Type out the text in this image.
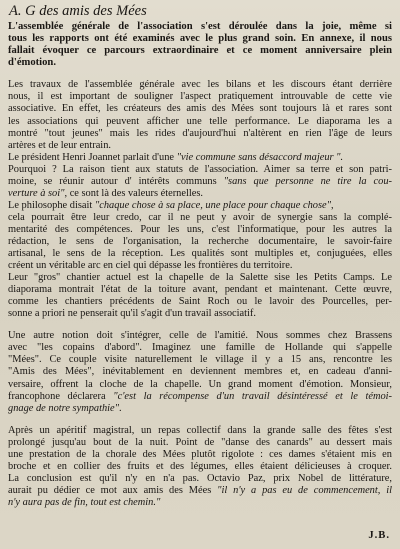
A. G des amis des Mées
L'assemblée générale de l'association s'est déroulée dans la joie, même si
tous les rapports ont été examinés avec le plus grand soin. En annexe, il nous
fallait évoquer ce parcours extraordinaire et ce moment anniversaire plein
d'émotion.
Les travaux de l'assemblée générale avec les bilans et les discours étant derrière
nous, il est important de souligner l'aspect pratiquement introuvable de cette vie
associative. En effet, les créateurs des amis des Mées sont toujours là et rares sont
les associations qui peuvent afficher une telle performance. Le diaporama les a
montré "tout jeunes" mais les rides d'aujourd'hui n'altèrent en rien l'âge de leurs
artères et de leur entrain.
Le président Henri Joannet parlait d'une "vie commune sans désaccord majeur ".
Pourquoi ? La raison tient aux statuts de l'association. Aimer sa terre et son patri-
moine, se réunir autour d' intérêts communs "sans que personne ne tire la cou-
verture à soi", ce sont là des valeurs éternelles.
Le philosophe disait "chaque chose à sa place, une place pour chaque chose",
cela pourrait être leur credo, car il ne peut y avoir de synergie sans la complé-
mentarité des compétences. Pour les uns, c'est l'informatique, pour les autres la
rédaction, le sens de l'organisation, la recherche documentaire, le savoir-faire
artisanal, le sens de la réception. Les qualités sont multiples et, conjuguées, elles
créent un véritable arc en ciel qui dépasse les frontières du territoire.
Leur "gros" chantier actuel est la chapelle de la Salette sise les Petits Camps. Le
diaporama montrait l'état de la toiture avant, pendant et maintenant. Cette œuvre,
comme les chantiers précédents de Saint Roch ou le lavoir des Pourcelles, per-
sonne a priori ne penserait qu'il s'agit d'un travail associatif.
Une autre notion doit s'intégrer, celle de l'amitié. Nous sommes chez Brassens
avec "les copains d'abord". Imaginez une famille de Hollande qui s'appelle
"Mées". Ce couple visite naturellement le village il y a 15 ans, rencontre les
"Amis des Mées", inévitablement en deviennent membres et, en cadeau d'anni-
versaire, offrent la cloche de la chapelle. Un grand moment d'émotion. Monsieur,
francophone déclarera "c'est la récompense d'un travail désintéressé et le témoi-
gnage de notre sympathie".
Après un apéritif magistral, un repas collectif dans la grande salle des fêtes s'est
prolongé jusqu'au bout de la nuit. Point de "danse des canards" au dessert mais
une prestation de la chorale des Mées plutôt rigolote : ces dames s'étaient mis en
broche et en collier des fruits et des légumes, elles étaient délicieuses à croquer.
La conclusion est qu'il n'y en n'a pas. Octavio Paz, prix Nobel de littérature,
aurait pu dédier ce mot aux amis des Mées "il n'y a pas eu de commencement, il
n'y aura pas de fin, tout est chemin."
J.B.
